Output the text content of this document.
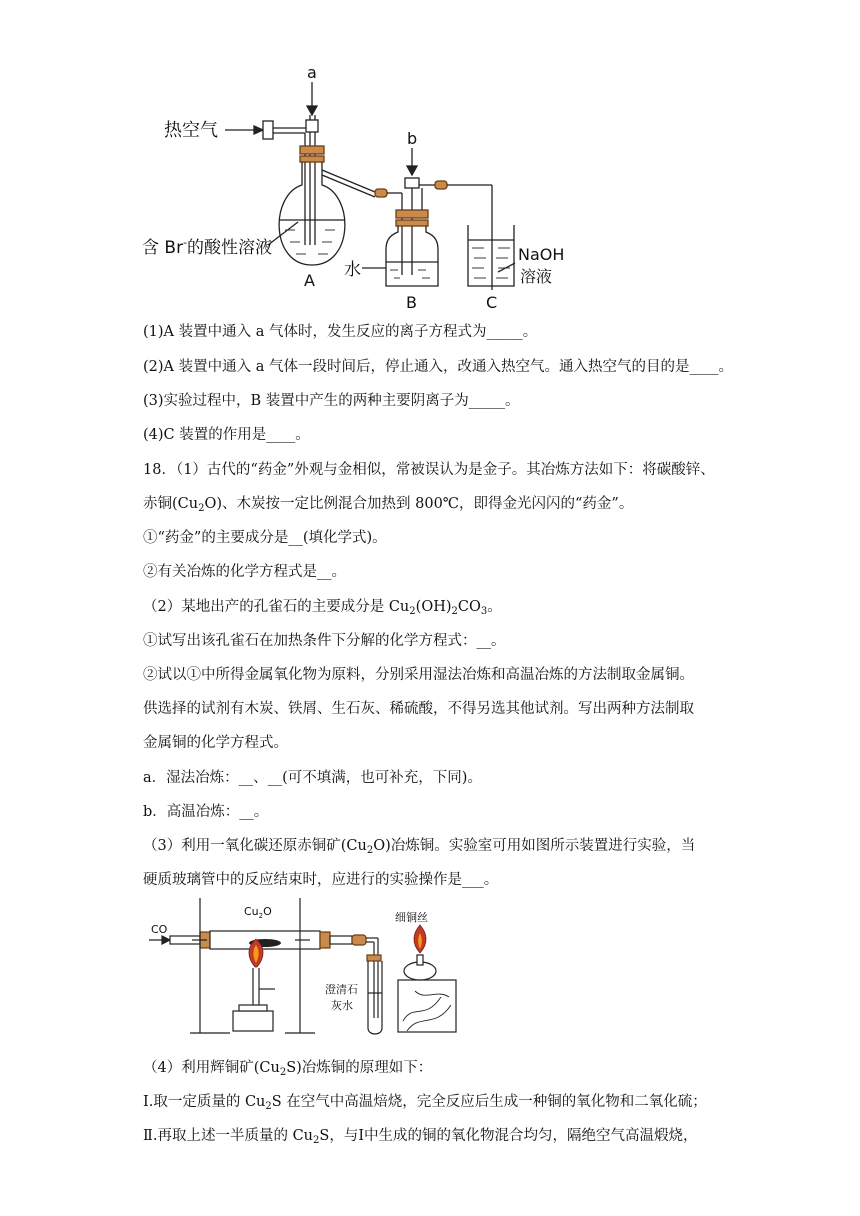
a
b
热空气
含 Br-的酸性溶液
A
水
B	C
NaOH
溶液
(1)A 装置中通入 a 气体时，发生反应的离子方程式为_____。
(2)A 装置中通入 a 气体一段时间后，停止通入，改通入热空气。通入热空气的目的是____。
(3)实验过程中，B 装置中产生的两种主要阴离子为_____。
(4)C 装置的作用是____。
18．（1）古代的“药金”外观与金相似，常被误认为是金子。其冶炼方法如下：将碳酸锌、
赤铜$(Cu_2O)$、木炭按一定比例混合加热到 800℃，即得金光闪闪的“药金”。
①“药金”的主要成分是__(填化学式)。
②有关冶炼的化学方程式是__。
（2）某地出产的孔雀石的主要成分是 $Cu_2(OH)_2CO_3$。
①试写出该孔雀石在加热条件下分解的化学方程式：__。
②试以①中所得金属氧化物为原料，分别采用湿法冶炼和高温冶炼的方法制取金属铜。
供选择的试剂有木炭、铁屑、生石灰、稀硫酸，不得另选其他试剂。写出两种方法制取
金属铜的化学方程式。
a．湿法冶炼：__、__(可不填满，也可补充，下同)。
b．高温冶炼：__。
（3）利用一氧化碳还原赤铜矿$(Cu_2O)$冶炼铜。实验室可用如图所示装置进行实验，当
硬质玻璃管中的反应结束时，应进行的实验操作是___。
CO
$Cu_2O$	细铜丝
澄清石
灰水
（4）利用辉铜矿$(Cu_2S)$冶炼铜的原理如下：
Ⅰ.取一定质量的 $Cu_2S$ 在空气中高温焙烧，完全反应后生成一种铜的氧化物和二氧化硫；
Ⅱ.再取上述一半质量的 $Cu_2S$，与Ⅰ中生成的铜的氧化物混合均匀，隔绝空气高温煅烧，
